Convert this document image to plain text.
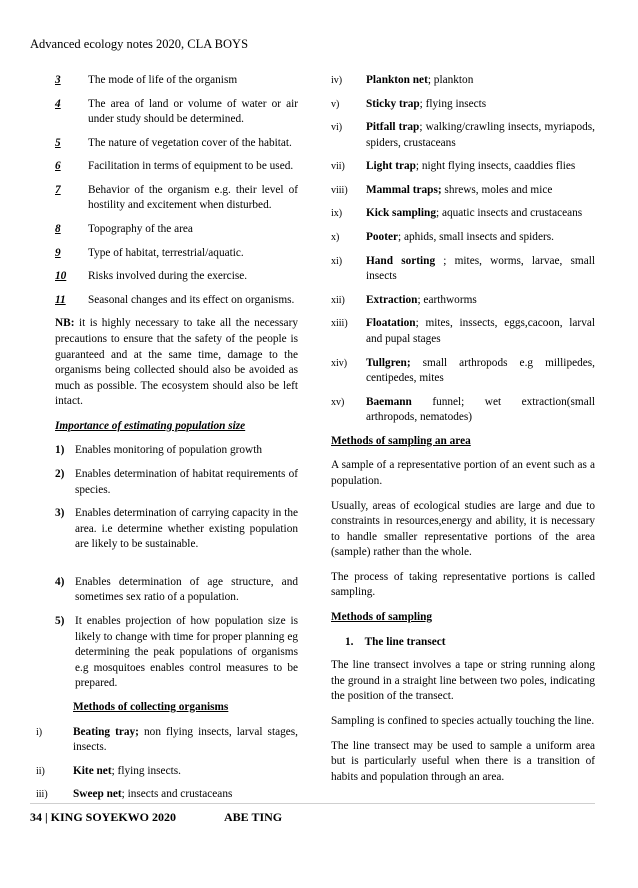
Advanced ecology notes 2020, CLA BOYS
3	The mode of life of the organism
4	The area of land or volume of water or air under study should be determined.
5	The nature of vegetation cover of the habitat.
6	Facilitation in terms of equipment to be used.
7	Behavior of the organism e.g. their level of hostility and excitement when disturbed.
8	Topography of the area
9	Type of habitat, terrestrial/aquatic.
10	Risks involved during the exercise.
11	Seasonal changes and its effect on organisms.

NB: it is highly necessary to take all the necessary precautions to ensure that the safety of the people is guaranteed and at the same time, damage to the organisms being collected should also be avoided as much as possible. The ecosystem should also be left intact.

Importance of estimating population size
1) Enables monitoring of population growth
2) Enables determination of habitat requirements of species.
3) Enables determination of carrying capacity in the area. i.e determine whether existing population are likely to be sustainable.
4) Enables determination of age structure, and sometimes sex ratio of a population.
5) It enables projection of how population size is likely to change with time for proper planning eg determining the peak populations of organisms e.g mosquitoes enables control measures to be prepared.
Methods of collecting organisms
i)	Beating tray; non flying insects, larval stages, insects.
ii)	Kite net; flying insects.
iii)	Sweep net; insects and crustaceans
iv)	Plankton net; plankton
v)	Sticky trap; flying insects
vi)	Pitfall trap; walking/crawling insects, myriapods, spiders, crustaceans
vii)	Light trap; night flying insects, caaddies flies
viii)	Mammal traps; shrews, moles and mice
ix)	Kick sampling; aquatic insects and crustaceans
x)	Pooter; aphids, small insects and spiders.
xi)	Hand sorting ; mites, worms, larvae, small insects
xii)	Extraction; earthworms
xiii)	Floatation; mites, inssects, eggs,cacoon, larval and pupal stages
xiv)	Tullgren; small arthropods e.g millipedes, centipedes, mites
xv)	Baemann funnel; wet extraction(small arthropods, nematodes)
Methods of sampling an area

A sample of a representative portion of an event such as a population.

Usually, areas of ecological studies are large and due to constraints in resources,energy and ability, it is necessary to handle smaller representative portions of the area (sample) rather than the whole.

The process of taking representative portions is called sampling.

Methods of sampling
1.    The line transect

The line transect involves a tape or string running along the ground in a straight line between two poles, indicating the position of the transect.

Sampling is confined to species actually touching the line.

The line transect may be used to sample a uniform area but is particularly useful when there is a transition of habits and population through an area.

34 | KING SOYEKWO 2020	ABE TING
